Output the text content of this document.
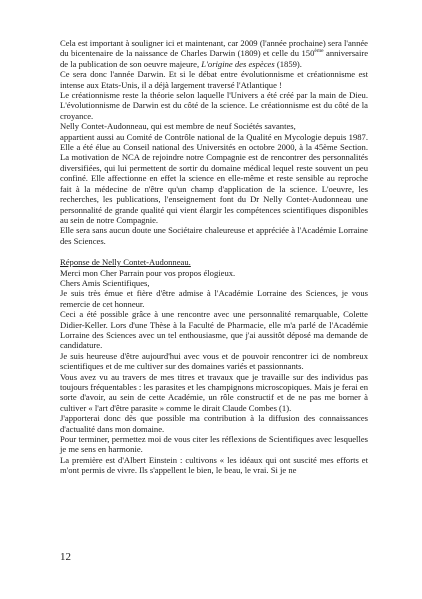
Cela est important à souligner ici et maintenant, car 2009 (l'année prochaine) sera l'année du bicentenaire de la naissance de Charles Darwin (1809) et celle du 150ème anniversaire de la publication de son oeuvre majeure, L'origine des espèces (1859).

Ce sera donc l'année Darwin. Et si le débat entre évolutionnisme et créationnisme est intense aux Etats-Unis, il a déjà largement traversé l'Atlantique !

Le créationnisme reste la théorie selon laquelle l'Univers a été créé par la main de Dieu. L'évolutionnisme de Darwin est du côté de la science. Le créationnisme est du côté de la croyance.

Nelly Contet-Audonneau, qui est membre de neuf Sociétés savantes,

appartient aussi au Comité de Contrôle national de la Qualité en Mycologie depuis 1987. Elle a été élue au Conseil national des Universités en octobre 2000, à la 45ème Section. La motivation de NCA de rejoindre notre Compagnie est de rencontrer des personnalités diversifiées, qui lui permettent de sortir du domaine médical lequel reste souvent un peu confiné. Elle affectionne en effet la science en elle-même et reste sensible au reproche fait à la médecine de n'être qu'un champ d'application de la science. L'oeuvre, les recherches, les publications, l'enseignement font du Dr Nelly Contet-Audonneau une personnalité de grande qualité qui vient élargir les compétences scientifiques disponibles au sein de notre Compagnie.

Elle sera sans aucun doute une Sociétaire chaleureuse et appréciée à l'Académie Lorraine des Sciences.

Réponse de Nelly Contet-Audonneau.

Merci mon Cher Parrain pour vos propos élogieux.

Chers Amis Scientifiques,

Je suis très émue et fière d'être admise à l'Académie Lorraine des Sciences, je vous remercie de cet honneur.

Ceci a été possible grâce à une rencontre avec une personnalité remarquable, Colette Didier-Keller. Lors d'une Thèse à la Faculté de Pharmacie, elle m'a parlé de l'Académie Lorraine des Sciences avec un tel enthousiasme, que j'ai aussitôt déposé ma demande de candidature.

Je suis heureuse d'être aujourd'hui avec vous et de pouvoir rencontrer ici de nombreux scientifiques et de me cultiver sur des domaines variés et passionnants.

Vous avez vu au travers de mes titres et travaux que je travaille sur des individus pas toujours fréquentables : les parasites et les champignons microscopiques. Mais je ferai en sorte d'avoir, au sein de cette Académie, un rôle constructif et de ne pas me borner à cultiver « l'art d'être parasite » comme le dirait Claude Combes (1).

J'apporterai donc dès que possible ma contribution à la diffusion des connaissances d'actualité dans mon domaine.

Pour terminer, permettez moi de vous citer les réflexions de Scientifiques avec lesquelles je me sens en harmonie.

La première est d'Albert Einstein : cultivons « les idéaux qui ont suscité mes efforts et m'ont permis de vivre. Ils s'appellent le bien, le beau, le vrai. Si je ne

12
